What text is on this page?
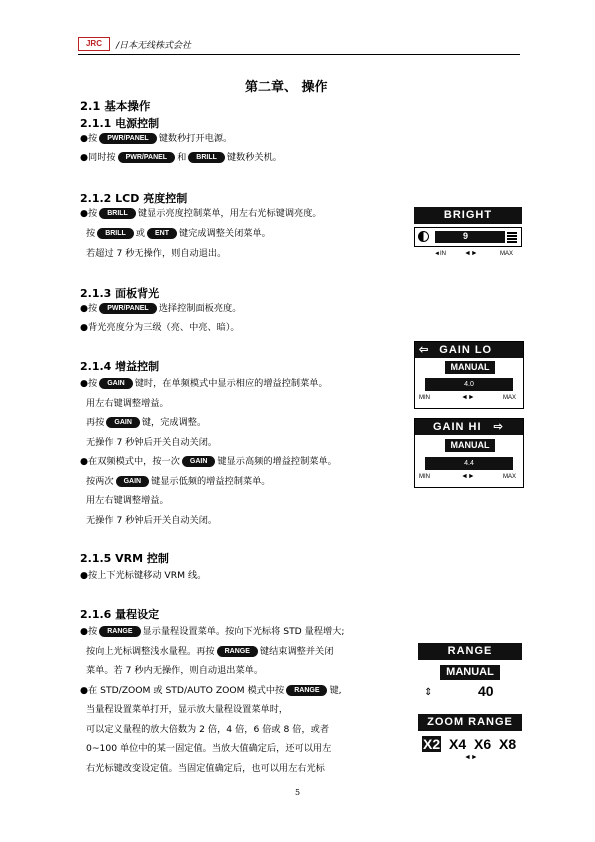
JRC	/日本无线株式会社
第二章、 操作
2.1 基本操作
2.1.1 电源控制
●按 PWR/PANEL 键数秒打开电源。
●同时按 PWR/PANEL 和 BRILL 键数秒关机。
2.1.2 LCD 亮度控制
●按 BRILL 键显示亮度控制菜单，用左右光标键调亮度。
按 BRILL 或 ENT 键完成调整关闭菜单。
若超过 7 秒无操作，则自动退出。
2.1.3 面板背光
●按 PWR/PANEL 选择控制面板亮度。
●背光亮度分为三级（亮、中亮、暗）。
2.1.4 增益控制
●按 GAIN 键时，在单频模式中显示相应的增益控制菜单。
用左右键调整增益。
再按 GAIN 键，完成调整。
无操作 7 秒钟后开关自动关闭。
●在双频模式中，按一次 GAIN 键显示高频的增益控制菜单。
按两次 GAIN 键显示低频的增益控制菜单。
用左右键调整增益。
无操作 7 秒钟后开关自动关闭。
2.1.5 VRM 控制
●按上下光标键移动 VRM 线。
2.1.6 量程设定
●按 RANGE 显示量程设置菜单。按向下光标将 STD 量程增大;
按向上光标调整浅水量程。再按 RANGE 键结束调整并关闭
菜单。若 7 秒内无操作，则自动退出菜单。
●在 STD/ZOOM 或 STD/AUTO ZOOM 模式中按 RANGE 键,
当量程设置菜单打开，显示放大量程设置菜单时，
可以定义量程的放大倍数为 2 倍，4 倍，6 倍或 8 倍，或者
0~100 单位中的某一固定值。当放大值确定后，还可以用左
右光标键改变设定值。当固定值确定后，也可以用左右光标
BRIGHT
9
◄IN	◄►	MAX
⇦ GAIN LO
MANUAL
4.0
MIN	◄►	MAX
GAIN HI ⇨
MANUAL
4.4
MIN	◄►	MAX
RANGE
MANUAL
⇕	40
ZOOM RANGE
X2 X4 X6 X8
◄►
5
